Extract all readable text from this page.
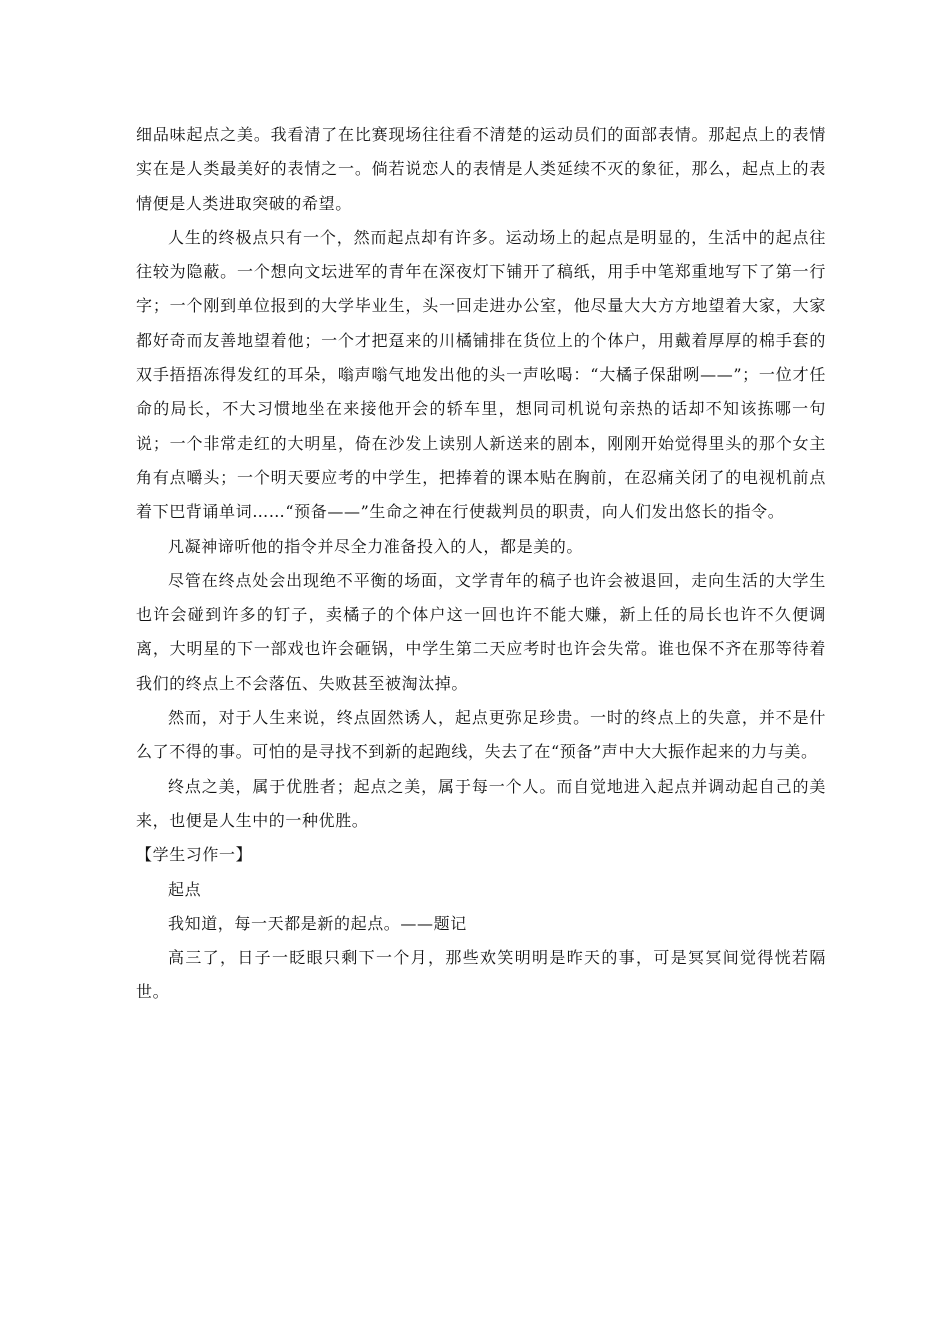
细品味起点之美。我看清了在比赛现场往往看不清楚的运动员们的面部表情。那起点上的表情实在是人类最美好的表情之一。倘若说恋人的表情是人类延续不灭的象征，那么，起点上的表情便是人类进取突破的希望。

人生的终极点只有一个，然而起点却有许多。运动场上的起点是明显的，生活中的起点往往较为隐蔽。一个想向文坛进军的青年在深夜灯下铺开了稿纸，用手中笔郑重地写下了第一行字；一个刚到单位报到的大学毕业生，头一回走进办公室，他尽量大大方方地望着大家，大家都好奇而友善地望着他；一个才把趸来的川橘铺排在货位上的个体户，用戴着厚厚的棉手套的双手捂捂冻得发红的耳朵，嗡声嗡气地发出他的头一声吆喝：“大橘子保甜咧——”；一位才任命的局长，不大习惯地坐在来接他开会的轿车里，想同司机说句亲热的话却不知该拣哪一句说；一个非常走红的大明星，倚在沙发上读别人新送来的剧本，刚刚开始觉得里头的那个女主角有点嚼头；一个明天要应考的中学生，把捧着的课本贴在胸前，在忍痛关闭了的电视机前点着下巴背诵单词……“预备——”生命之神在行使裁判员的职责，向人们发出悠长的指令。

凡凝神谛听他的指令并尽全力准备投入的人，都是美的。

尽管在终点处会出现绝不平衡的场面，文学青年的稿子也许会被退回，走向生活的大学生也许会碰到许多的钉子，卖橘子的个体户这一回也许不能大赚，新上任的局长也许不久便调离，大明星的下一部戏也许会砸锅，中学生第二天应考时也许会失常。谁也保不齐在那等待着我们的终点上不会落伍、失败甚至被淘汰掉。

然而，对于人生来说，终点固然诱人，起点更弥足珍贵。一时的终点上的失意，并不是什么了不得的事。可怕的是寻找不到新的起跑线，失去了在“预备”声中大大振作起来的力与美。

终点之美，属于优胜者；起点之美，属于每一个人。而自觉地进入起点并调动起自己的美来，也便是人生中的一种优胜。

【学生习作一】

起点

我知道，每一天都是新的起点。——题记

高三了，日子一眨眼只剩下一个月，那些欢笑明明是昨天的事，可是冥冥间觉得恍若隔世。
